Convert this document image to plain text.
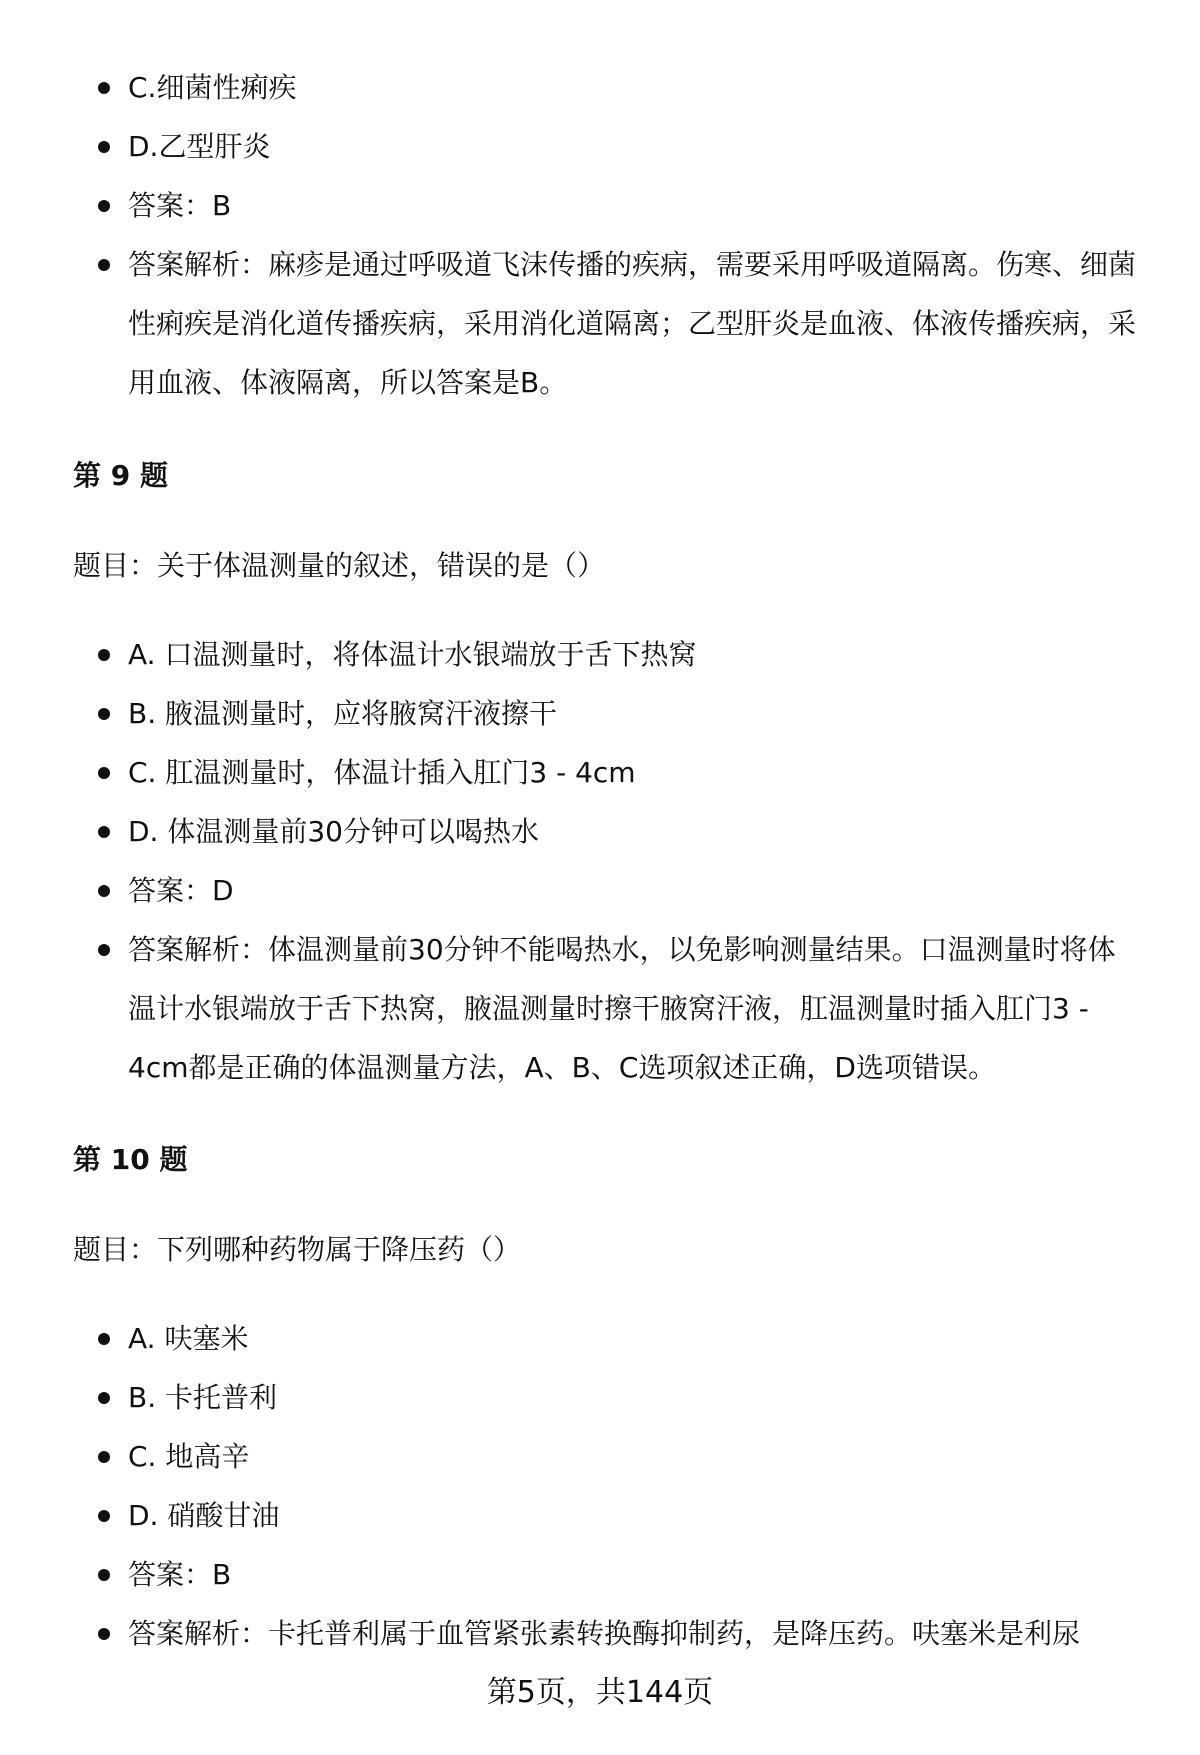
C.细菌性痢疾
D.乙型肝炎
答案：B
答案解析：麻疹是通过呼吸道飞沫传播的疾病，需要采用呼吸道隔离。伤寒、细菌性痢疾是消化道传播疾病，采用消化道隔离；乙型肝炎是血液、体液传播疾病，采用血液、体液隔离，所以答案是B。
第 9 题
题目：关于体温测量的叙述，错误的是（）
A. 口温测量时，将体温计水银端放于舌下热窝
B. 腋温测量时，应将腋窝汗液擦干
C. 肛温测量时，体温计插入肛门3 - 4cm
D. 体温测量前30分钟可以喝热水
答案：D
答案解析：体温测量前30分钟不能喝热水，以免影响测量结果。口温测量时将体温计水银端放于舌下热窝，腋温测量时擦干腋窝汗液，肛温测量时插入肛门3 - 4cm都是正确的体温测量方法，A、B、C选项叙述正确，D选项错误。
第 10 题
题目：下列哪种药物属于降压药（）
A. 呋塞米
B. 卡托普利
C. 地高辛
D. 硝酸甘油
答案：B
答案解析：卡托普利属于血管紧张素转换酶抑制药，是降压药。呋塞米是利尿
第5页，共144页
